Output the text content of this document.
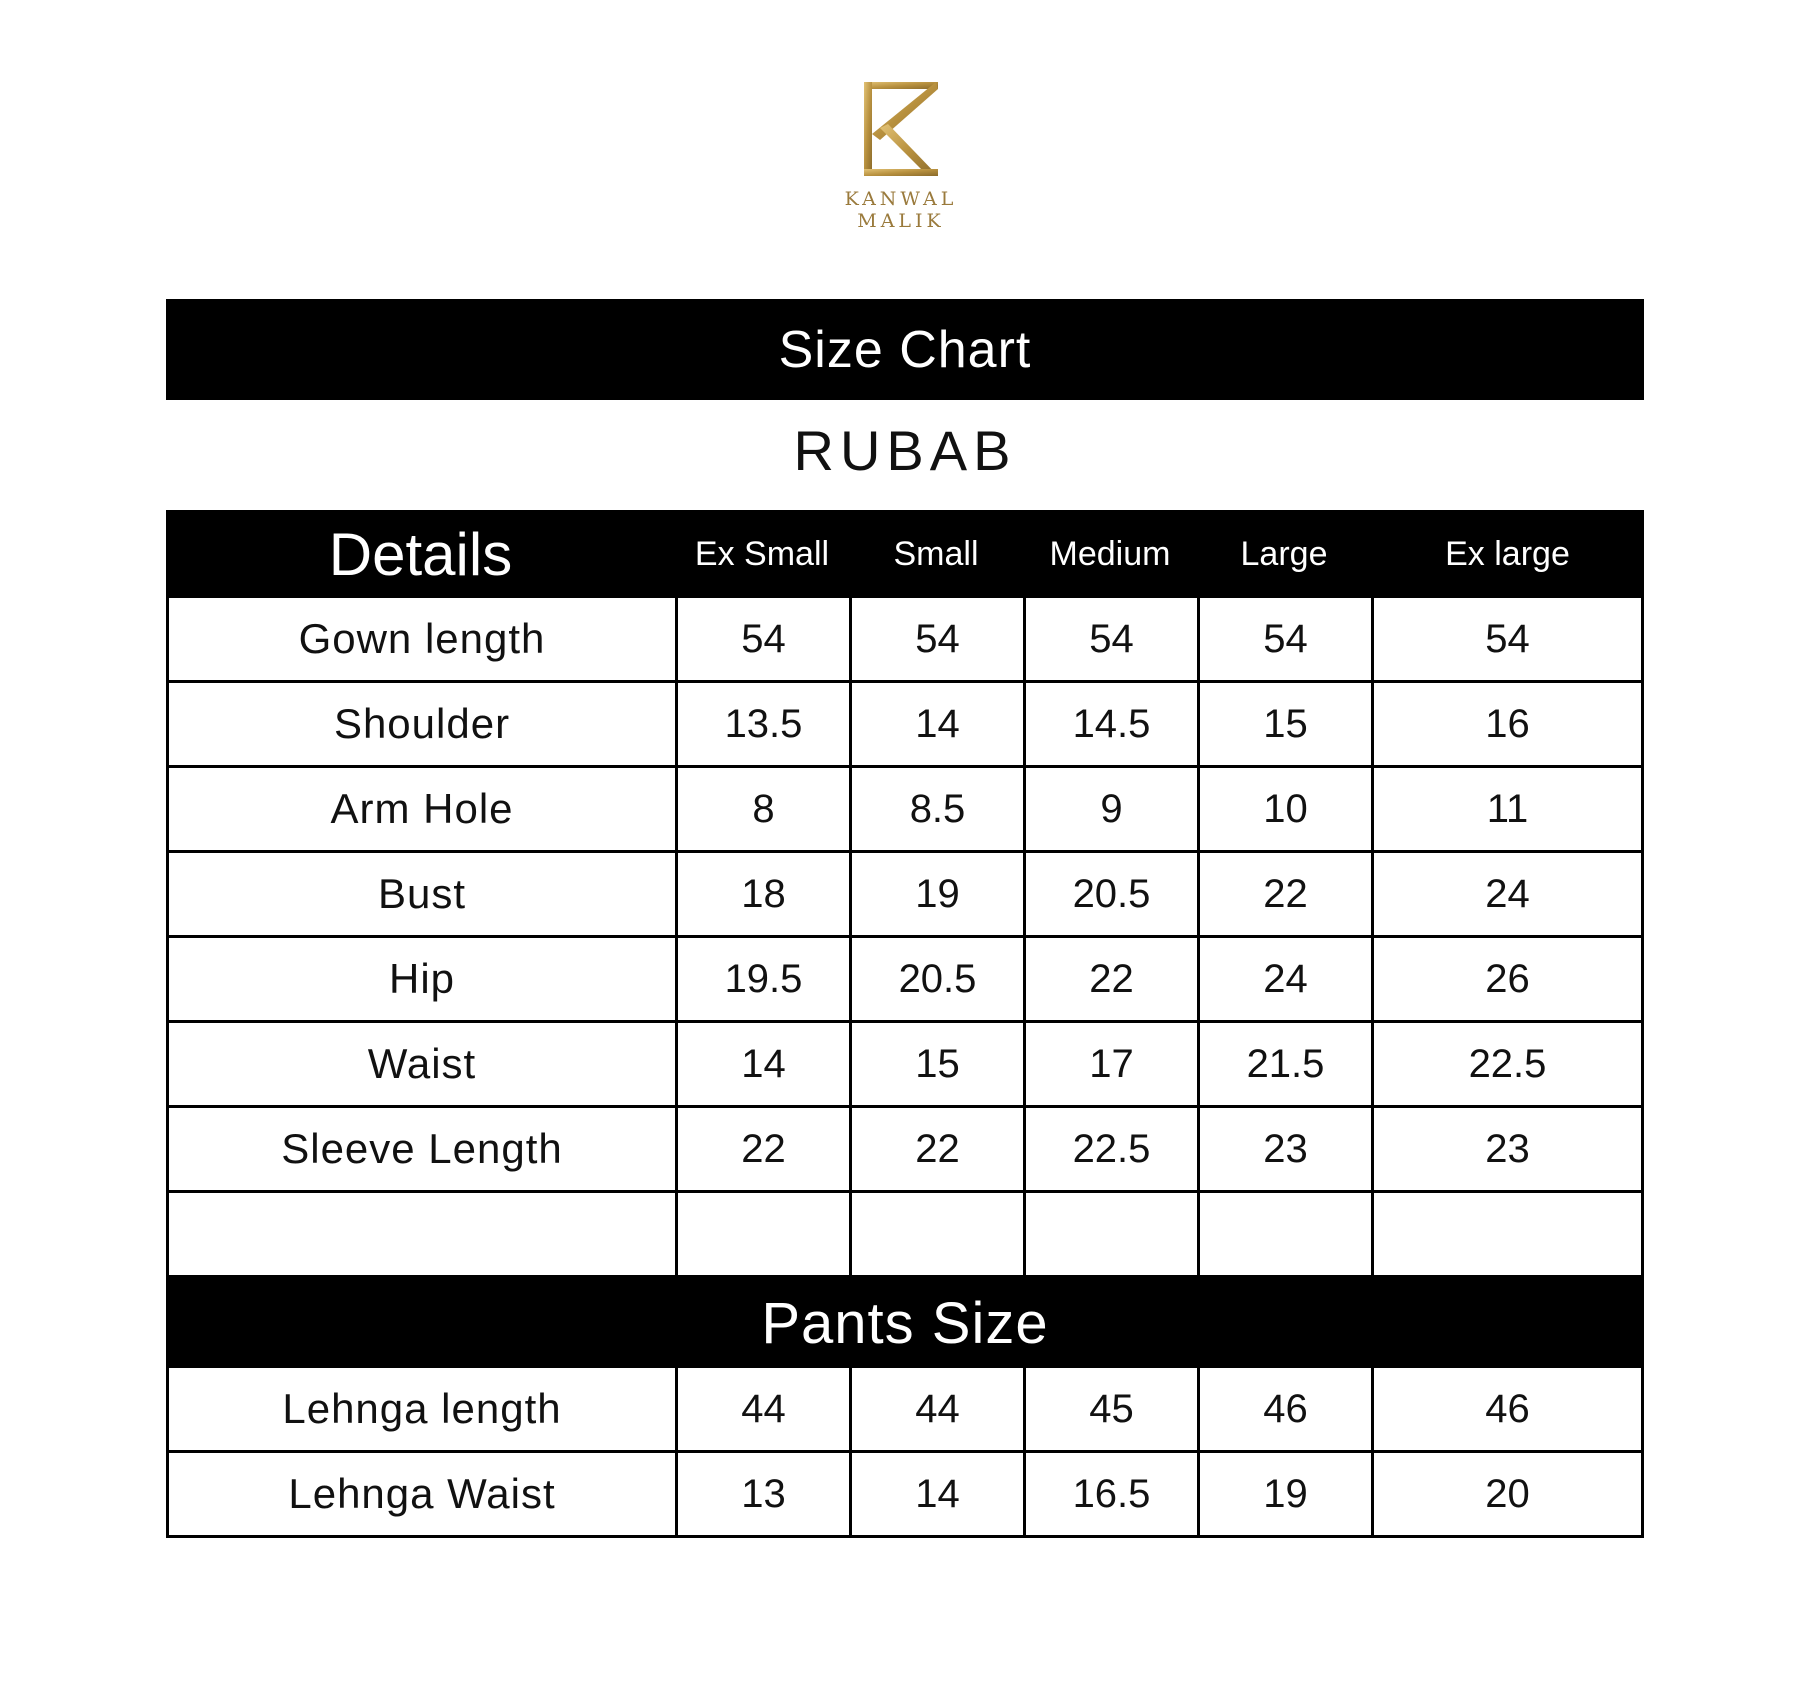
KANWAL MALIK
Size Chart
RUBAB
Details	Ex Small	Small	Medium	Large	Ex large
Gown length	54	54	54	54	54
Shoulder	13.5	14	14.5	15	16
Arm Hole	8	8.5	9	10	11
Bust	18	19	20.5	22	24
Hip	19.5	20.5	22	24	26
Waist	14	15	17	21.5	22.5
Sleeve Length	22	22	22.5	23	23
Pants Size
Lehnga length	44	44	45	46	46
Lehnga Waist	13	14	16.5	19	20
